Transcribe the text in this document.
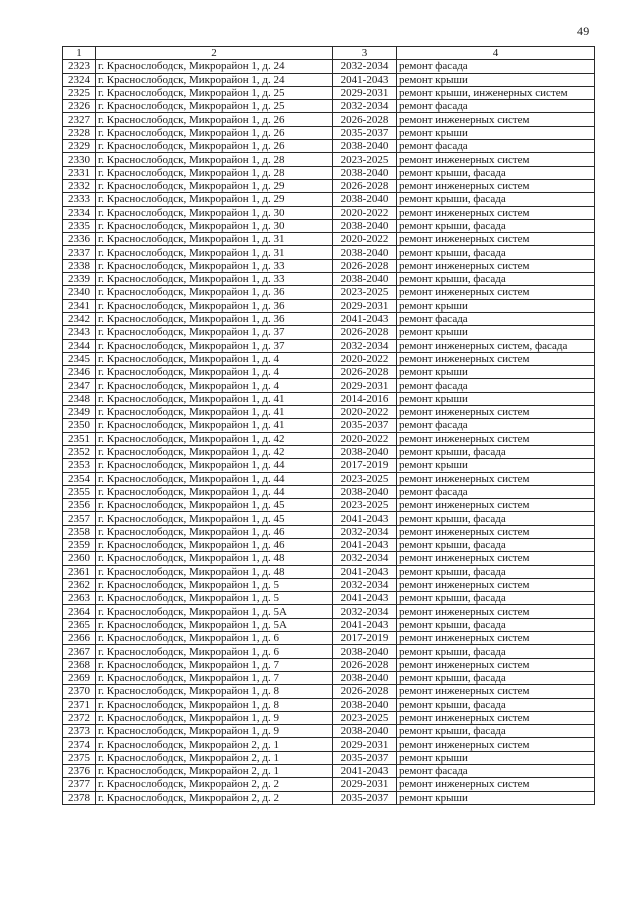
49
1	2	3	4
2323	г. Краснослободск, Микрорайон 1, д. 24	2032-2034	ремонт фасада
2324	г. Краснослободск, Микрорайон 1, д. 24	2041-2043	ремонт крыши
2325	г. Краснослободск, Микрорайон 1, д. 25	2029-2031	ремонт крыши, инженерных систем
2326	г. Краснослободск, Микрорайон 1, д. 25	2032-2034	ремонт фасада
2327	г. Краснослободск, Микрорайон 1, д. 26	2026-2028	ремонт инженерных систем
2328	г. Краснослободск, Микрорайон 1, д. 26	2035-2037	ремонт крыши
2329	г. Краснослободск, Микрорайон 1, д. 26	2038-2040	ремонт фасада
2330	г. Краснослободск, Микрорайон 1, д. 28	2023-2025	ремонт инженерных систем
2331	г. Краснослободск, Микрорайон 1, д. 28	2038-2040	ремонт крыши, фасада
2332	г. Краснослободск, Микрорайон 1, д. 29	2026-2028	ремонт инженерных систем
2333	г. Краснослободск, Микрорайон 1, д. 29	2038-2040	ремонт крыши, фасада
2334	г. Краснослободск, Микрорайон 1, д. 30	2020-2022	ремонт инженерных систем
2335	г. Краснослободск, Микрорайон 1, д. 30	2038-2040	ремонт крыши, фасада
2336	г. Краснослободск, Микрорайон 1, д. 31	2020-2022	ремонт инженерных систем
2337	г. Краснослободск, Микрорайон 1, д. 31	2038-2040	ремонт крыши, фасада
2338	г. Краснослободск, Микрорайон 1, д. 33	2026-2028	ремонт инженерных систем
2339	г. Краснослободск, Микрорайон 1, д. 33	2038-2040	ремонт крыши, фасада
2340	г. Краснослободск, Микрорайон 1, д. 36	2023-2025	ремонт инженерных систем
2341	г. Краснослободск, Микрорайон 1, д. 36	2029-2031	ремонт крыши
2342	г. Краснослободск, Микрорайон 1, д. 36	2041-2043	ремонт фасада
2343	г. Краснослободск, Микрорайон 1, д. 37	2026-2028	ремонт крыши
2344	г. Краснослободск, Микрорайон 1, д. 37	2032-2034	ремонт инженерных систем, фасада
2345	г. Краснослободск, Микрорайон 1, д. 4	2020-2022	ремонт инженерных систем
2346	г. Краснослободск, Микрорайон 1, д. 4	2026-2028	ремонт крыши
2347	г. Краснослободск, Микрорайон 1, д. 4	2029-2031	ремонт фасада
2348	г. Краснослободск, Микрорайон 1, д. 41	2014-2016	ремонт крыши
2349	г. Краснослободск, Микрорайон 1, д. 41	2020-2022	ремонт инженерных систем
2350	г. Краснослободск, Микрорайон 1, д. 41	2035-2037	ремонт фасада
2351	г. Краснослободск, Микрорайон 1, д. 42	2020-2022	ремонт инженерных систем
2352	г. Краснослободск, Микрорайон 1, д. 42	2038-2040	ремонт крыши, фасада
2353	г. Краснослободск, Микрорайон 1, д. 44	2017-2019	ремонт крыши
2354	г. Краснослободск, Микрорайон 1, д. 44	2023-2025	ремонт инженерных систем
2355	г. Краснослободск, Микрорайон 1, д. 44	2038-2040	ремонт фасада
2356	г. Краснослободск, Микрорайон 1, д. 45	2023-2025	ремонт инженерных систем
2357	г. Краснослободск, Микрорайон 1, д. 45	2041-2043	ремонт крыши, фасада
2358	г. Краснослободск, Микрорайон 1, д. 46	2032-2034	ремонт инженерных систем
2359	г. Краснослободск, Микрорайон 1, д. 46	2041-2043	ремонт крыши, фасада
2360	г. Краснослободск, Микрорайон 1, д. 48	2032-2034	ремонт инженерных систем
2361	г. Краснослободск, Микрорайон 1, д. 48	2041-2043	ремонт крыши, фасада
2362	г. Краснослободск, Микрорайон 1, д. 5	2032-2034	ремонт инженерных систем
2363	г. Краснослободск, Микрорайон 1, д. 5	2041-2043	ремонт крыши, фасада
2364	г. Краснослободск, Микрорайон 1, д. 5А	2032-2034	ремонт инженерных систем
2365	г. Краснослободск, Микрорайон 1, д. 5А	2041-2043	ремонт крыши, фасада
2366	г. Краснослободск, Микрорайон 1, д. 6	2017-2019	ремонт инженерных систем
2367	г. Краснослободск, Микрорайон 1, д. 6	2038-2040	ремонт крыши, фасада
2368	г. Краснослободск, Микрорайон 1, д. 7	2026-2028	ремонт инженерных систем
2369	г. Краснослободск, Микрорайон 1, д. 7	2038-2040	ремонт крыши, фасада
2370	г. Краснослободск, Микрорайон 1, д. 8	2026-2028	ремонт инженерных систем
2371	г. Краснослободск, Микрорайон 1, д. 8	2038-2040	ремонт крыши, фасада
2372	г. Краснослободск, Микрорайон 1, д. 9	2023-2025	ремонт инженерных систем
2373	г. Краснослободск, Микрорайон 1, д. 9	2038-2040	ремонт крыши, фасада
2374	г. Краснослободск, Микрорайон 2, д. 1	2029-2031	ремонт инженерных систем
2375	г. Краснослободск, Микрорайон 2, д. 1	2035-2037	ремонт крыши
2376	г. Краснослободск, Микрорайон 2, д. 1	2041-2043	ремонт фасада
2377	г. Краснослободск, Микрорайон 2, д. 2	2029-2031	ремонт инженерных систем
2378	г. Краснослободск, Микрорайон 2, д. 2	2035-2037	ремонт крыши
